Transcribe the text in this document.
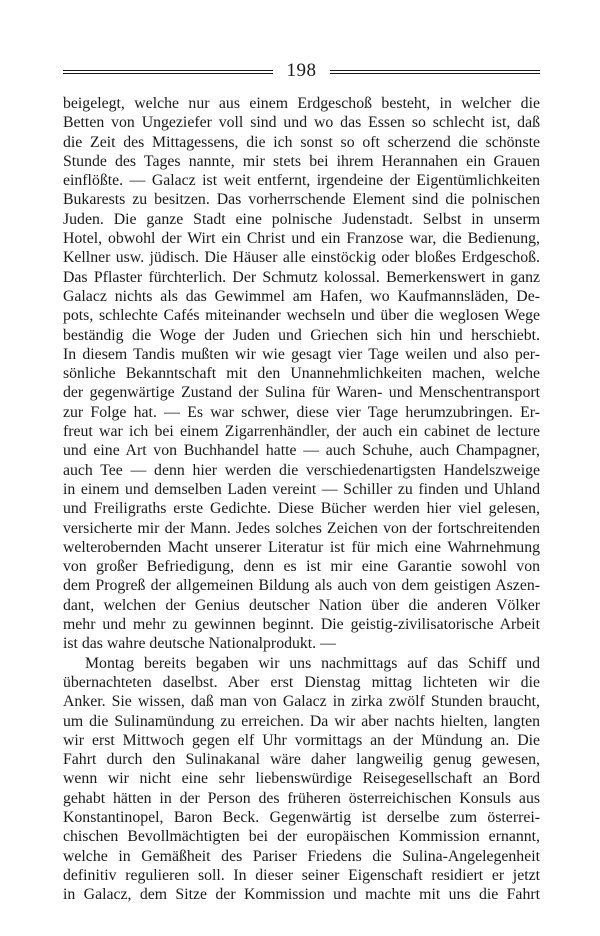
198
beigelegt, welche nur aus einem Erdgeschoß besteht, in welcher die
Betten von Ungeziefer voll sind und wo das Essen so schlecht ist, daß
die Zeit des Mittagessens, die ich sonst so oft scherzend die schönste
Stunde des Tages nannte, mir stets bei ihrem Herannahen ein Grauen
einflößte. — Galacz ist weit entfernt, irgendeine der Eigentümlichkeiten
Bukarests zu besitzen. Das vorherrschende Element sind die polnischen
Juden. Die ganze Stadt eine polnische Judenstadt. Selbst in unserm
Hotel, obwohl der Wirt ein Christ und ein Franzose war, die Bedienung,
Kellner usw. jüdisch. Die Häuser alle einstöckig oder bloßes Erdgeschoß.
Das Pflaster fürchterlich. Der Schmutz kolossal. Bemerkenswert in ganz
Galacz nichts als das Gewimmel am Hafen, wo Kaufmannsläden, De-
pots, schlechte Cafés miteinander wechseln und über die weglosen Wege
beständig die Woge der Juden und Griechen sich hin und herschiebt.
In diesem Tandis mußten wir wie gesagt vier Tage weilen und also per-
sönliche Bekanntschaft mit den Unannehmlichkeiten machen, welche
der gegenwärtige Zustand der Sulina für Waren- und Menschentransport
zur Folge hat. — Es war schwer, diese vier Tage herumzubringen. Er-
freut war ich bei einem Zigarrenhändler, der auch ein cabinet de lecture
und eine Art von Buchhandel hatte — auch Schuhe, auch Champagner,
auch Tee — denn hier werden die verschiedenartigsten Handelszweige
in einem und demselben Laden vereint — Schiller zu finden und Uhland
und Freiligraths erste Gedichte. Diese Bücher werden hier viel gelesen,
versicherte mir der Mann. Jedes solches Zeichen von der fortschreitenden
welterobernden Macht unserer Literatur ist für mich eine Wahrnehmung
von großer Befriedigung, denn es ist mir eine Garantie sowohl von
dem Progreß der allgemeinen Bildung als auch von dem geistigen Aszen-
dant, welchen der Genius deutscher Nation über die anderen Völker
mehr und mehr zu gewinnen beginnt. Die geistig-zivilisatorische Arbeit
ist das wahre deutsche Nationalprodukt. —
Montag bereits begaben wir uns nachmittags auf das Schiff und
übernachteten daselbst. Aber erst Dienstag mittag lichteten wir die
Anker. Sie wissen, daß man von Galacz in zirka zwölf Stunden braucht,
um die Sulinamündung zu erreichen. Da wir aber nachts hielten, langten
wir erst Mittwoch gegen elf Uhr vormittags an der Mündung an. Die
Fahrt durch den Sulinakanal wäre daher langweilig genug gewesen,
wenn wir nicht eine sehr liebenswürdige Reisegesellschaft an Bord
gehabt hätten in der Person des früheren österreichischen Konsuls aus
Konstantinopel, Baron Beck. Gegenwärtig ist derselbe zum österrei-
chischen Bevollmächtigten bei der europäischen Kommission ernannt,
welche in Gemäßheit des Pariser Friedens die Sulina-Angelegenheit
definitiv regulieren soll. In dieser seiner Eigenschaft residiert er jetzt
in Galacz, dem Sitze der Kommission und machte mit uns die Fahrt
